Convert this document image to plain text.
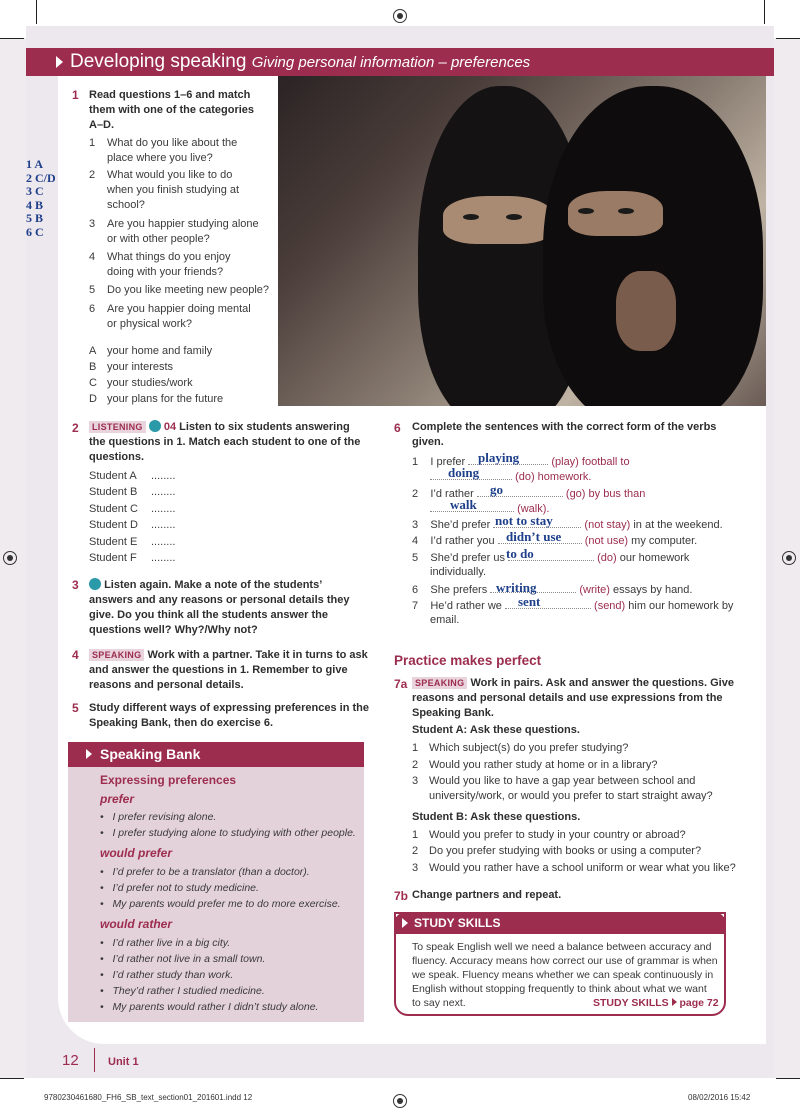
Developing speaking Giving personal information – preferences
1 A
2 C/D
3 C
4 B
5 B
6 C
1 Read questions 1–6 and match
them with one of the categories
A–D.
1 What do you like about the
place where you live?
2 What would you like to do
when you finish studying at
school?
3 Are you happier studying alone
or with other people?
4 What things do you enjoy
doing with your friends?
5 Do you like meeting new people?
6 Are you happier doing mental
or physical work?
A your home and family
B your interests
C your studies/work
D your plans for the future
2	LISTENING 04 Listen to six students answering
the questions in 1. Match each student to one of the
questions.
Student A ........
Student B ........
Student C ........
Student D ........
Student E ........
Student F ........
3	Listen again. Make a note of the students’
answers and any reasons or personal details they
give. Do you think all the students answer the
questions well? Why?/Why not?
4	SPEAKING Work with a partner. Take it in turns to ask
and answer the questions in 1. Remember to give
reasons and personal details.
5 Study different ways of expressing preferences in the
Speaking Bank, then do exercise 6.
Speaking Bank
Expressing preferences
prefer
•   I prefer revising alone.
•   I prefer studying alone to studying with other people.
would prefer
•   I’d prefer to be a translator (than a doctor).
•   I’d prefer not to study medicine.
•   My parents would prefer me to do more exercise.
would rather
•   I’d rather live in a big city.
•   I’d rather not live in a small town.
•   I’d rather study than work.
•   They’d rather I studied medicine.
•   My parents would rather I didn’t study alone.
6 Complete the sentences with the correct form of the verbs
given.
1 I prefer	(play) football to
playing
(do) homework.
doing
2 I’d rather	(go) by bus than
go
(walk).
walk
3 She’d prefer	(not stay) in at the weekend.
not to stay
4 I’d rather you	(not use) my computer.
didn’t use
5 She’d prefer us	(do) our homework
to do
individually.
6 She prefers	(write) essays by hand.
writing
7 He’d rather we	(send) him our homework by
sent
email.
Practice makes perfect
7a SPEAKING Work in pairs. Ask and answer the questions. Give
reasons and personal details and use expressions from the
Speaking Bank.
Student A: Ask these questions.
1 Which subject(s) do you prefer studying?
2 Would you rather study at home or in a library?
3 Would you like to have a gap year between school and
university/work, or would you prefer to start straight away?
Student B: Ask these questions.
1 Would you prefer to study in your country or abroad?
2 Do you prefer studying with books or using a computer?
3 Would you rather have a school uniform or wear what you like?
7b Change partners and repeat.
STUDY SKILLS
To speak English well we need a balance between accuracy and
fluency. Accuracy means how correct our use of grammar is when
we speak. Fluency means whether we can speak continuously in
English without stopping frequently to think about what we want
to say next.	STUDY SKILLS page 72
12	Unit 1
9780230461680_FH6_SB_text_section01_201601.indd 12	08/02/2016 15:42
